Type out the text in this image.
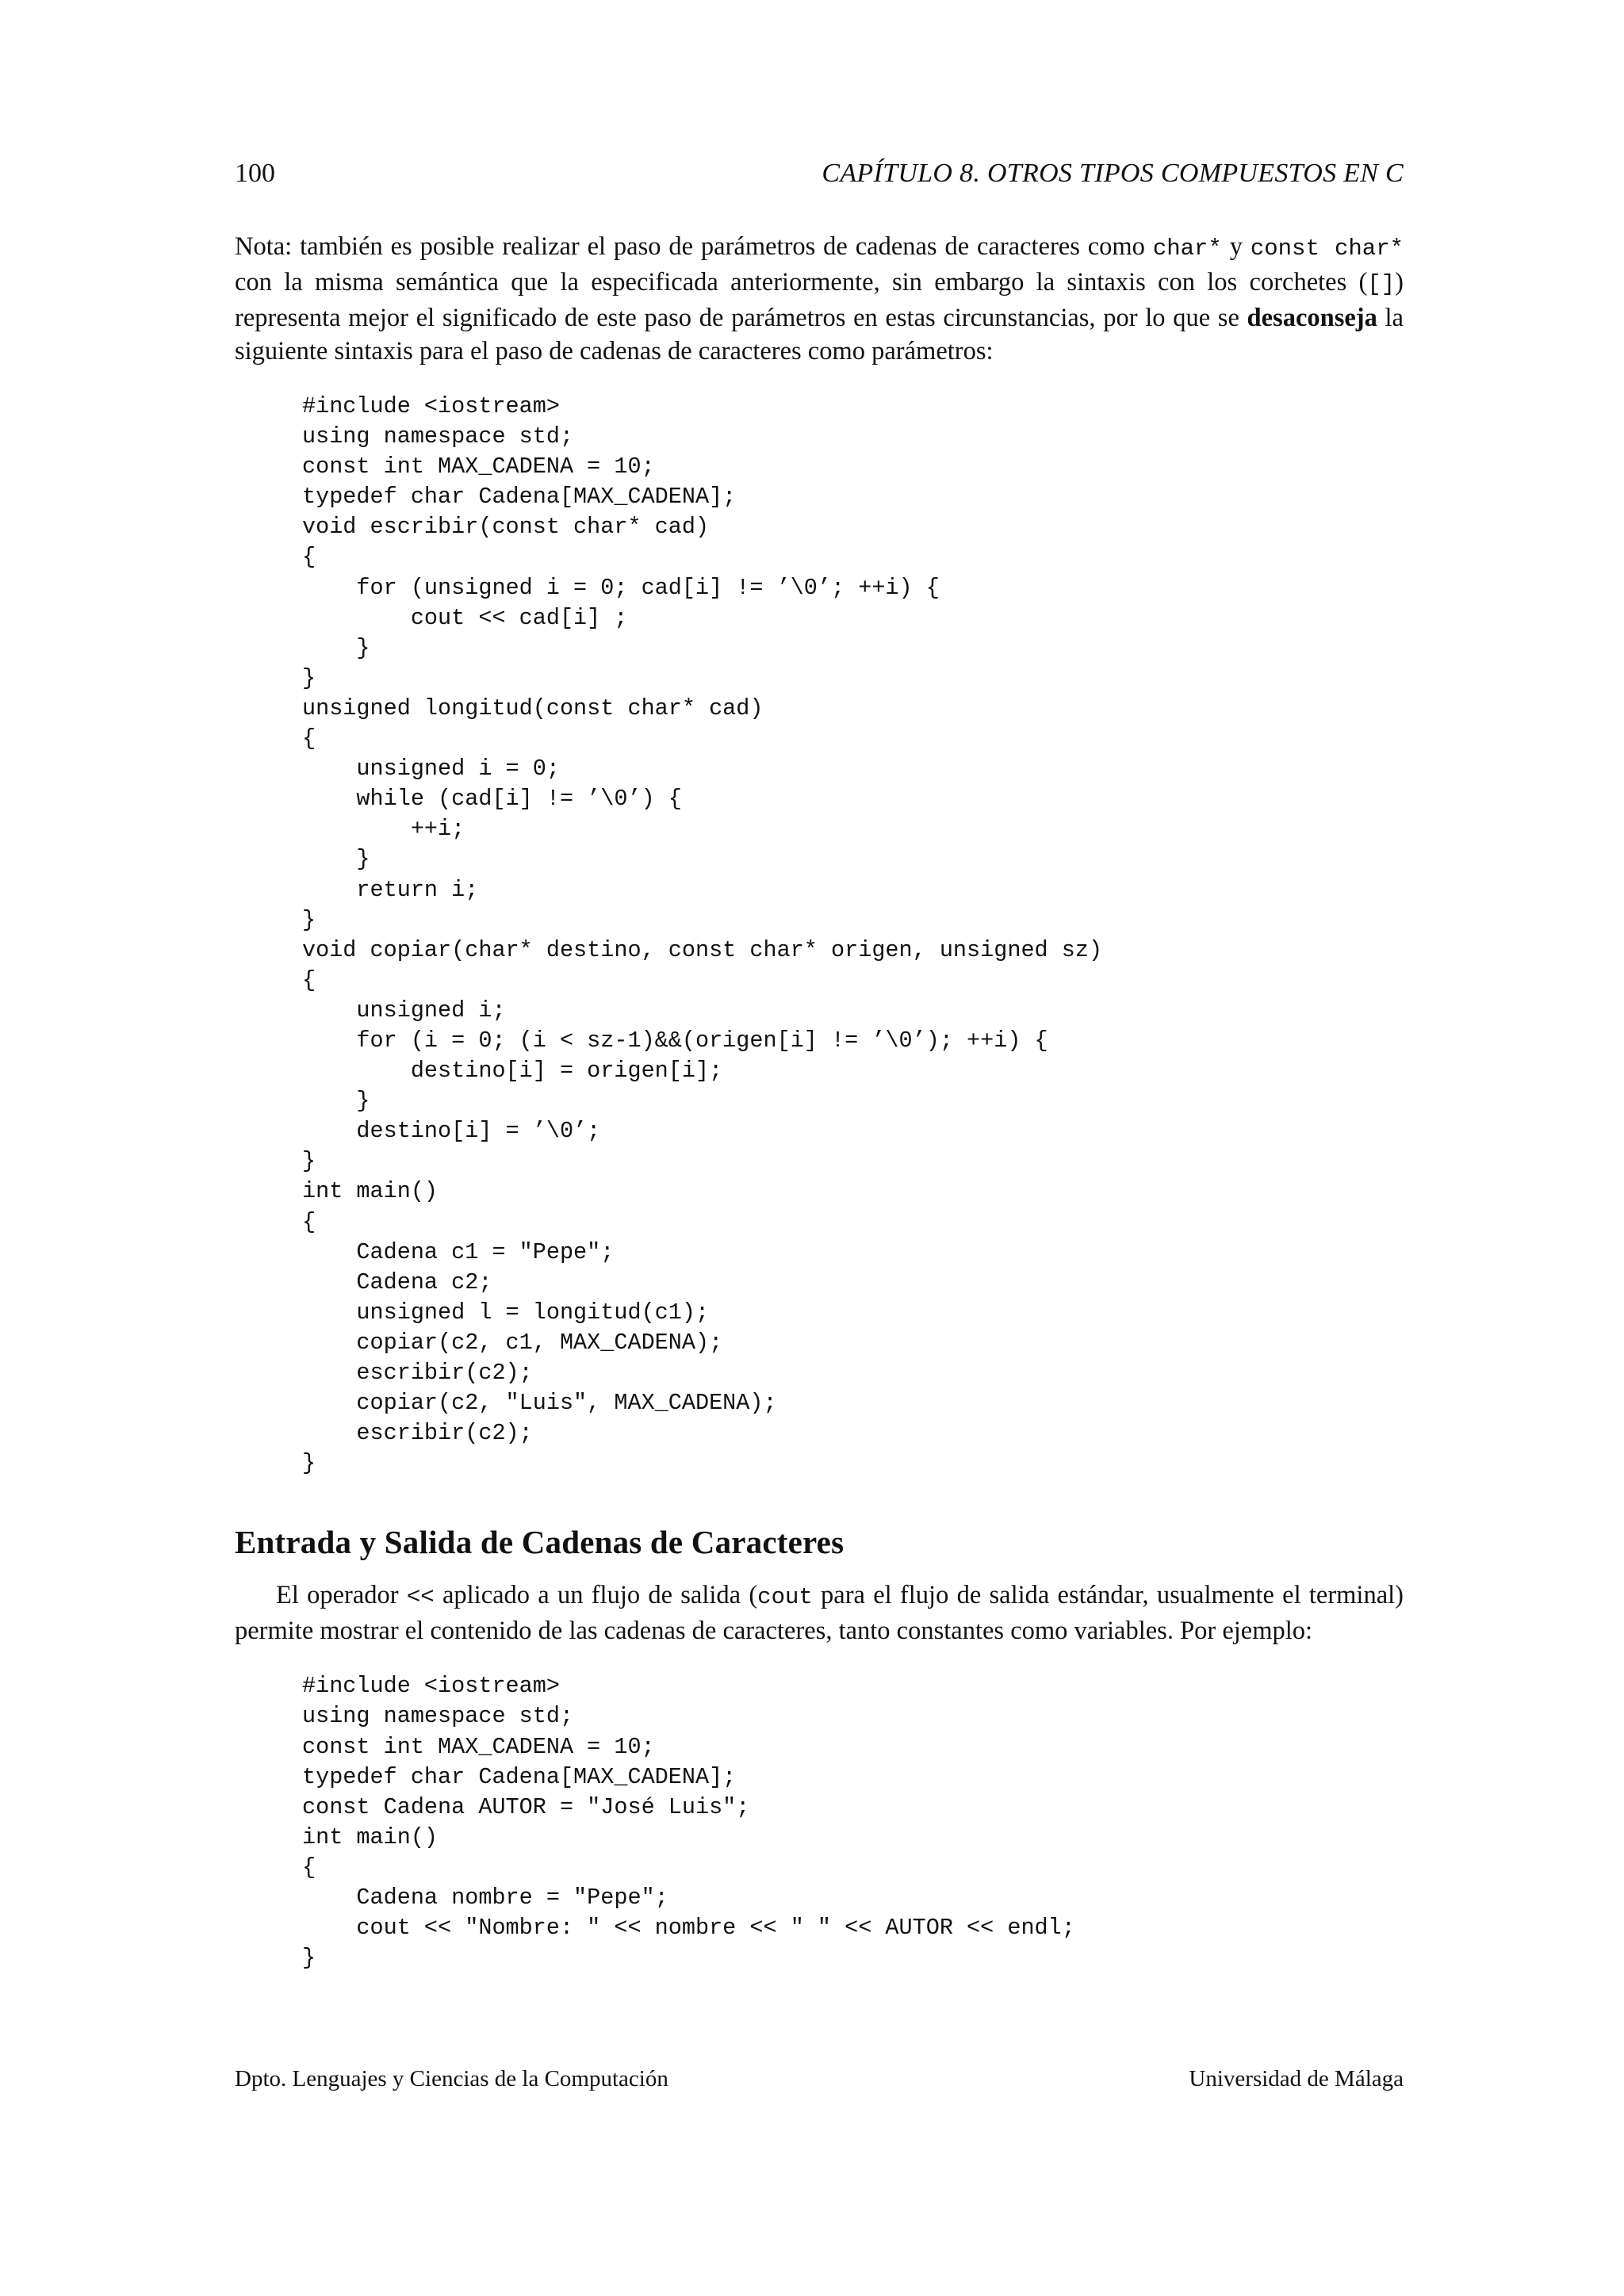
100	CAPÍTULO 8. OTROS TIPOS COMPUESTOS EN C

Nota: también es posible realizar el paso de parámetros de cadenas de caracteres como char* y const char* con la misma semántica que la especificada anteriormente, sin embargo la sintaxis con los corchetes ([]) representa mejor el significado de este paso de parámetros en estas circunstancias, por lo que se desaconseja la siguiente sintaxis para el paso de cadenas de caracteres como parámetros:

#include <iostream>
using namespace std;
const int MAX_CADENA = 10;
typedef char Cadena[MAX_CADENA];
void escribir(const char* cad)
{
for (unsigned i = 0; cad[i] != ’\0’; ++i) {
cout << cad[i] ;
}
}
unsigned longitud(const char* cad)
{
unsigned i = 0;
while (cad[i] != ’\0’) {
++i;
}
return i;
}
void copiar(char* destino, const char* origen, unsigned sz)
{
unsigned i;
for (i = 0; (i < sz-1)&&(origen[i] != ’\0’); ++i) {
destino[i] = origen[i];
}
destino[i] = ’\0’;
}
int main()
{
Cadena c1 = "Pepe";
Cadena c2;
unsigned l = longitud(c1);
copiar(c2, c1, MAX_CADENA);
escribir(c2);
copiar(c2, "Luis", MAX_CADENA);
escribir(c2);
}
Entrada y Salida de Cadenas de Caracteres

El operador << aplicado a un flujo de salida (cout para el flujo de salida estándar, usualmente el terminal) permite mostrar el contenido de las cadenas de caracteres, tanto constantes como variables. Por ejemplo:

#include <iostream>
using namespace std;
const int MAX_CADENA = 10;
typedef char Cadena[MAX_CADENA];
const Cadena AUTOR = "José Luis";
int main()
{
Cadena nombre = "Pepe";
cout << "Nombre: " << nombre << " " << AUTOR << endl;
}
Dpto. Lenguajes y Ciencias de la Computación	Universidad de Málaga
